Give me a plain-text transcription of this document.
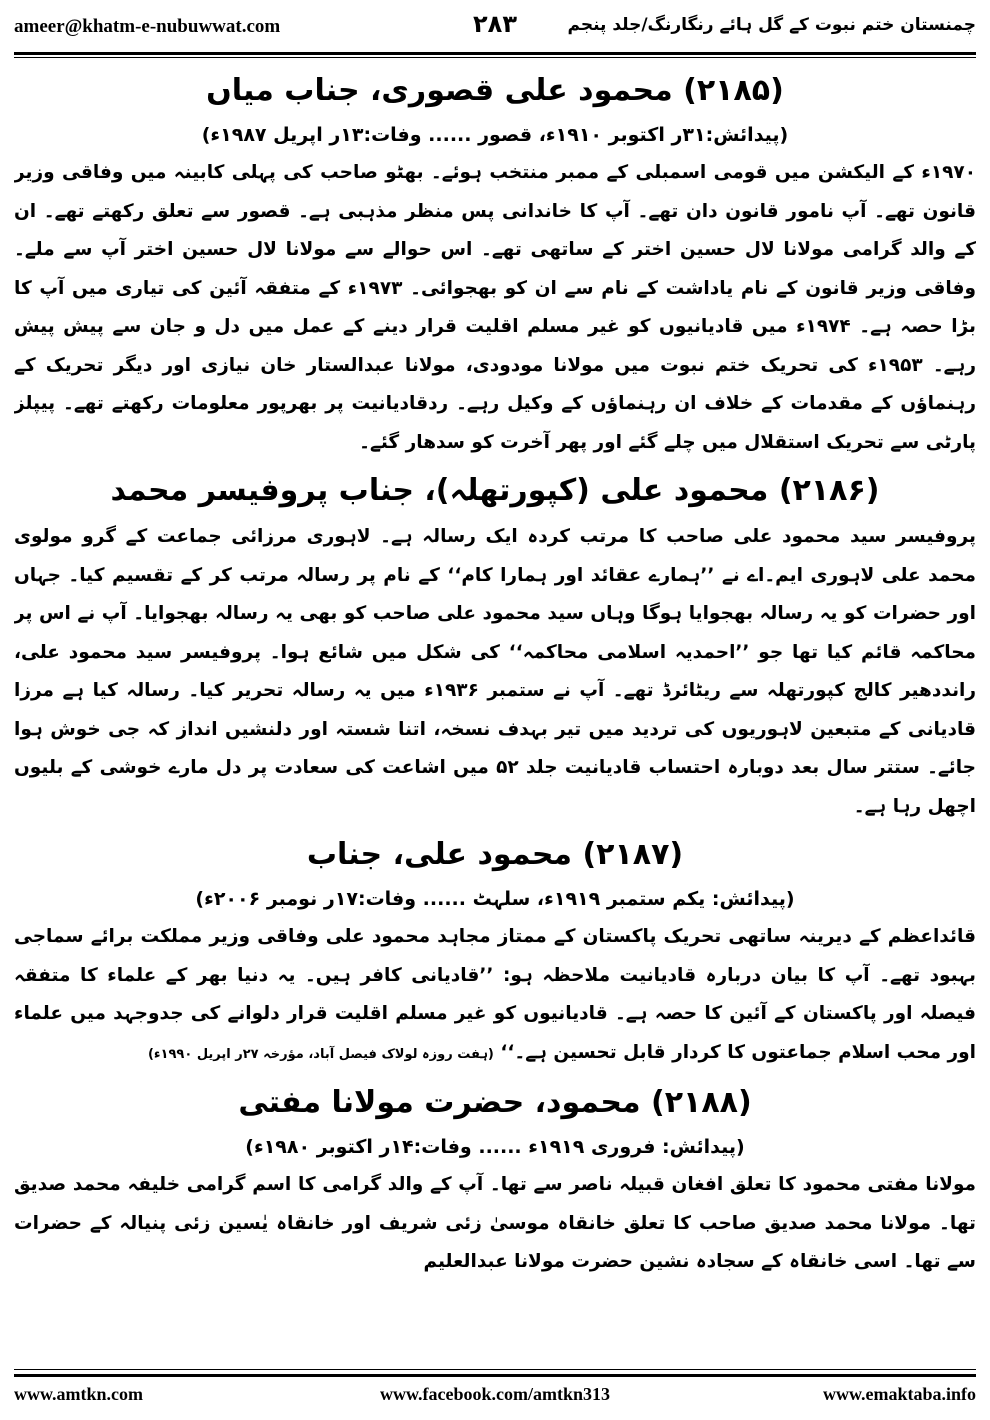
ameer@khatm-e-nubuwwat.com	۲۸۳	چمنستان ختم نبوت کے گل ہائے رنگارنگ/جلد پنجم
(۲۱۸۵) محمود علی قصوری، جناب میاں
(پیدائش:۳۱ر اکتوبر ۱۹۱۰ء، قصور ...... وفات:۱۳ر اپریل ۱۹۸۷ء)

۱۹۷۰ء کے الیکشن میں قومی اسمبلی کے ممبر منتخب ہوئے۔ بھٹو صاحب کی پہلی کابینہ میں وفاقی وزیر قانون تھے۔ آپ نامور قانون دان تھے۔ آپ کا خاندانی پس منظر مذہبی ہے۔ قصور سے تعلق رکھتے تھے۔ ان کے والد گرامی مولانا لال حسین اختر کے ساتھی تھے۔ اس حوالے سے مولانا لال حسین اختر آپ سے ملے۔ وفاقی وزیر قانون کے نام یاداشت کے نام سے ان کو بھجوائی۔ ۱۹۷۳ء کے متفقہ آئین کی تیاری میں آپ کا بڑا حصہ ہے۔ ۱۹۷۴ء میں قادیانیوں کو غیر مسلم اقلیت قرار دینے کے عمل میں دل و جان سے پیش پیش رہے۔ ۱۹۵۳ء کی تحریک ختم نبوت میں مولانا مودودی، مولانا عبدالستار خان نیازی اور دیگر تحریک کے رہنماؤں کے مقدمات کے خلاف ان رہنماؤں کے وکیل رہے۔ ردقادیانیت پر بھرپور معلومات رکھتے تھے۔ پیپلز پارٹی سے تحریک استقلال میں چلے گئے اور پھر آخرت کو سدھار گئے۔

(۲۱۸۶) محمود علی (کپورتھلہ)، جناب پروفیسر محمد

پروفیسر سید محمود علی صاحب کا مرتب کردہ ایک رسالہ ہے۔ لاہوری مرزائی جماعت کے گرو مولوی محمد علی لاہوری ایم۔اے نے ’’ہمارے عقائد اور ہمارا کام‘‘ کے نام پر رسالہ مرتب کر کے تقسیم کیا۔ جہاں اور حضرات کو یہ رسالہ بھجوایا ہوگا وہاں سید محمود علی صاحب کو بھی یہ رسالہ بھجوایا۔ آپ نے اس پر محاکمہ قائم کیا تھا جو ’’احمدیہ اسلامی محاکمہ‘‘ کی شکل میں شائع ہوا۔ پروفیسر سید محمود علی، رانددھیر کالج کپورتھلہ سے ریٹائرڈ تھے۔ آپ نے ستمبر ۱۹۳۶ء میں یہ رسالہ تحریر کیا۔ رسالہ کیا ہے مرزا قادیانی کے متبعین لاہوریوں کی تردید میں تیر بہدف نسخہ، اتنا شستہ اور دلنشیں انداز کہ جی خوش ہوا جائے۔ ستتر سال بعد دوبارہ احتساب قادیانیت جلد ۵۲ میں اشاعت کی سعادت پر دل مارے خوشی کے بلیوں اچھل رہا ہے۔

(۲۱۸۷) محمود علی، جناب
(پیدائش: یکم ستمبر ۱۹۱۹ء، سلہٹ ...... وفات:۱۷ر نومبر ۲۰۰۶ء)

قائداعظم کے دیرینہ ساتھی تحریک پاکستان کے ممتاز مجاہد محمود علی وفاقی وزیر مملکت برائے سماجی بہبود تھے۔ آپ کا بیان دربارہ قادیانیت ملاحظہ ہو: ’’قادیانی کافر ہیں۔ یہ دنیا بھر کے علماء کا متفقہ فیصلہ اور پاکستان کے آئین کا حصہ ہے۔ قادیانیوں کو غیر مسلم اقلیت قرار دلوانے کی جدوجہد میں علماء اور محب اسلام جماعتوں کا کردار قابل تحسین ہے۔‘‘ (ہفت روزہ لولاک فیصل آباد، مؤرخہ ۲۷ر اپریل ۱۹۹۰ء)

(۲۱۸۸) محمود، حضرت مولانا مفتی
(پیدائش: فروری ۱۹۱۹ء ...... وفات:۱۴ر اکتوبر ۱۹۸۰ء)

مولانا مفتی محمود کا تعلق افغان قبیلہ ناصر سے تھا۔ آپ کے والد گرامی کا اسم گرامی خلیفہ محمد صدیق تھا۔ مولانا محمد صدیق صاحب کا تعلق خانقاہ موسیٰ زئی شریف اور خانقاہ یٰسین زئی پنیالہ کے حضرات سے تھا۔ اسی خانقاہ کے سجادہ نشین حضرت مولانا عبدالعلیم

www.amtkn.com	www.facebook.com/amtkn313	www.emaktaba.info
